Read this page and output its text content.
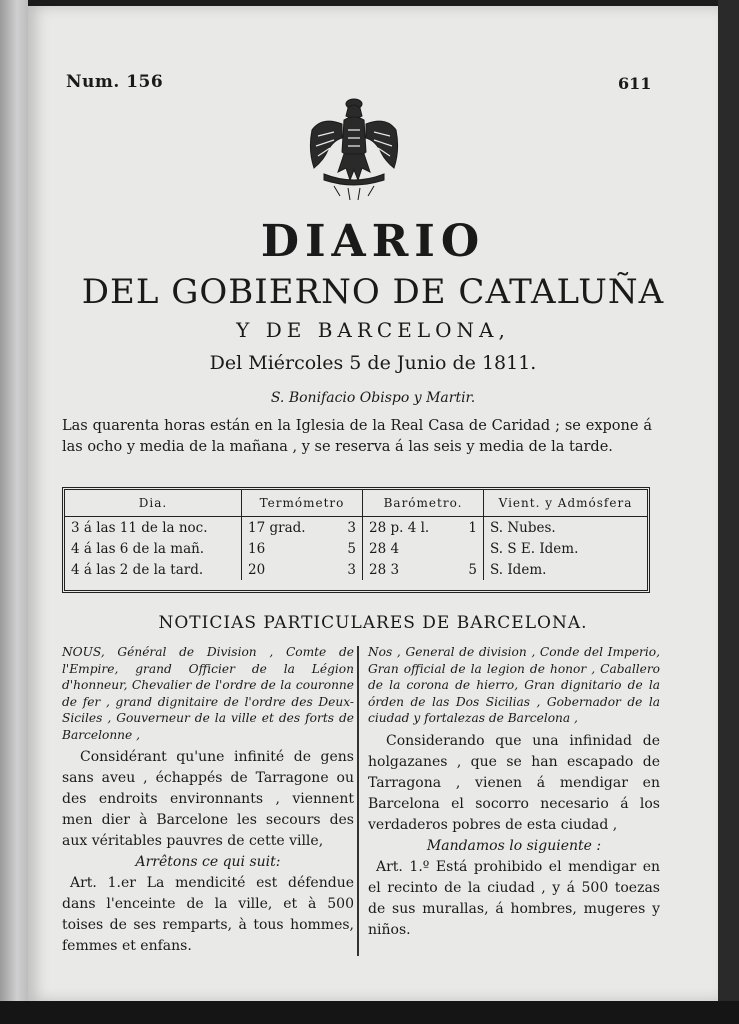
Num. 156	611
DIARIO
DEL GOBIERNO DE CATALUÑA
Y DE BARCELONA,
Del Miércoles 5 de Junio de 1811.
S. Bonifacio Obispo y Martir.
Las quarenta horas están en la Iglesia de la Real Casa de Caridad ; se expone á las ocho y media de la mañana , y se reserva á las seis y media de la tarde.
Dia.	Termómetro	Barómetro.	Vient. y Admósfera
3 á las 11 de la noc.	17 grad. 3	28 p. 4 l. 1	S. Nubes.
4 á las 6 de la mañ.	16 5	28 4	S. S E. Idem.
4 á las 2 de la tard.	20 3	28 3 5	S. Idem.
NOTICIAS PARTICULARES DE BARCELONA.

NOUS, Général de Division , Comte de l'Empire, grand Officier de la Légion d'honneur, Chevalier de l'ordre de la couronne de fer , grand dignitaire de l'ordre des Deux-Siciles , Gouverneur de la ville et des forts de Barcelonne ,

Considérant qu'une infinité de gens sans aveu , échappés de Tarragone ou des endroits environnants , viennent men dier à Barcelone les secours des aux véritables pauvres de cette ville,

Arrêtons ce qui suit:

Art. 1.er La mendicité est défendue dans l'enceinte de la ville, et à 500 toises de ses remparts, à tous hommes, femmes et enfans.

Nos , General de division , Conde del Imperio, Gran official de la legion de honor , Caballero de la corona de hierro, Gran dignitario de la órden de las Dos Sicilias , Gobernador de la ciudad y fortalezas de Barcelona ,

Considerando que una infinidad de holgazanes , que se han escapado de Tarragona , vienen á mendigar en Barcelona el socorro necesario á los verdaderos pobres de esta ciudad ,

Mandamos lo siguiente :

Art. 1.º Está prohibido el mendigar en el recinto de la ciudad , y á 500 toezas de sus murallas, á hombres, mugeres y niños.
